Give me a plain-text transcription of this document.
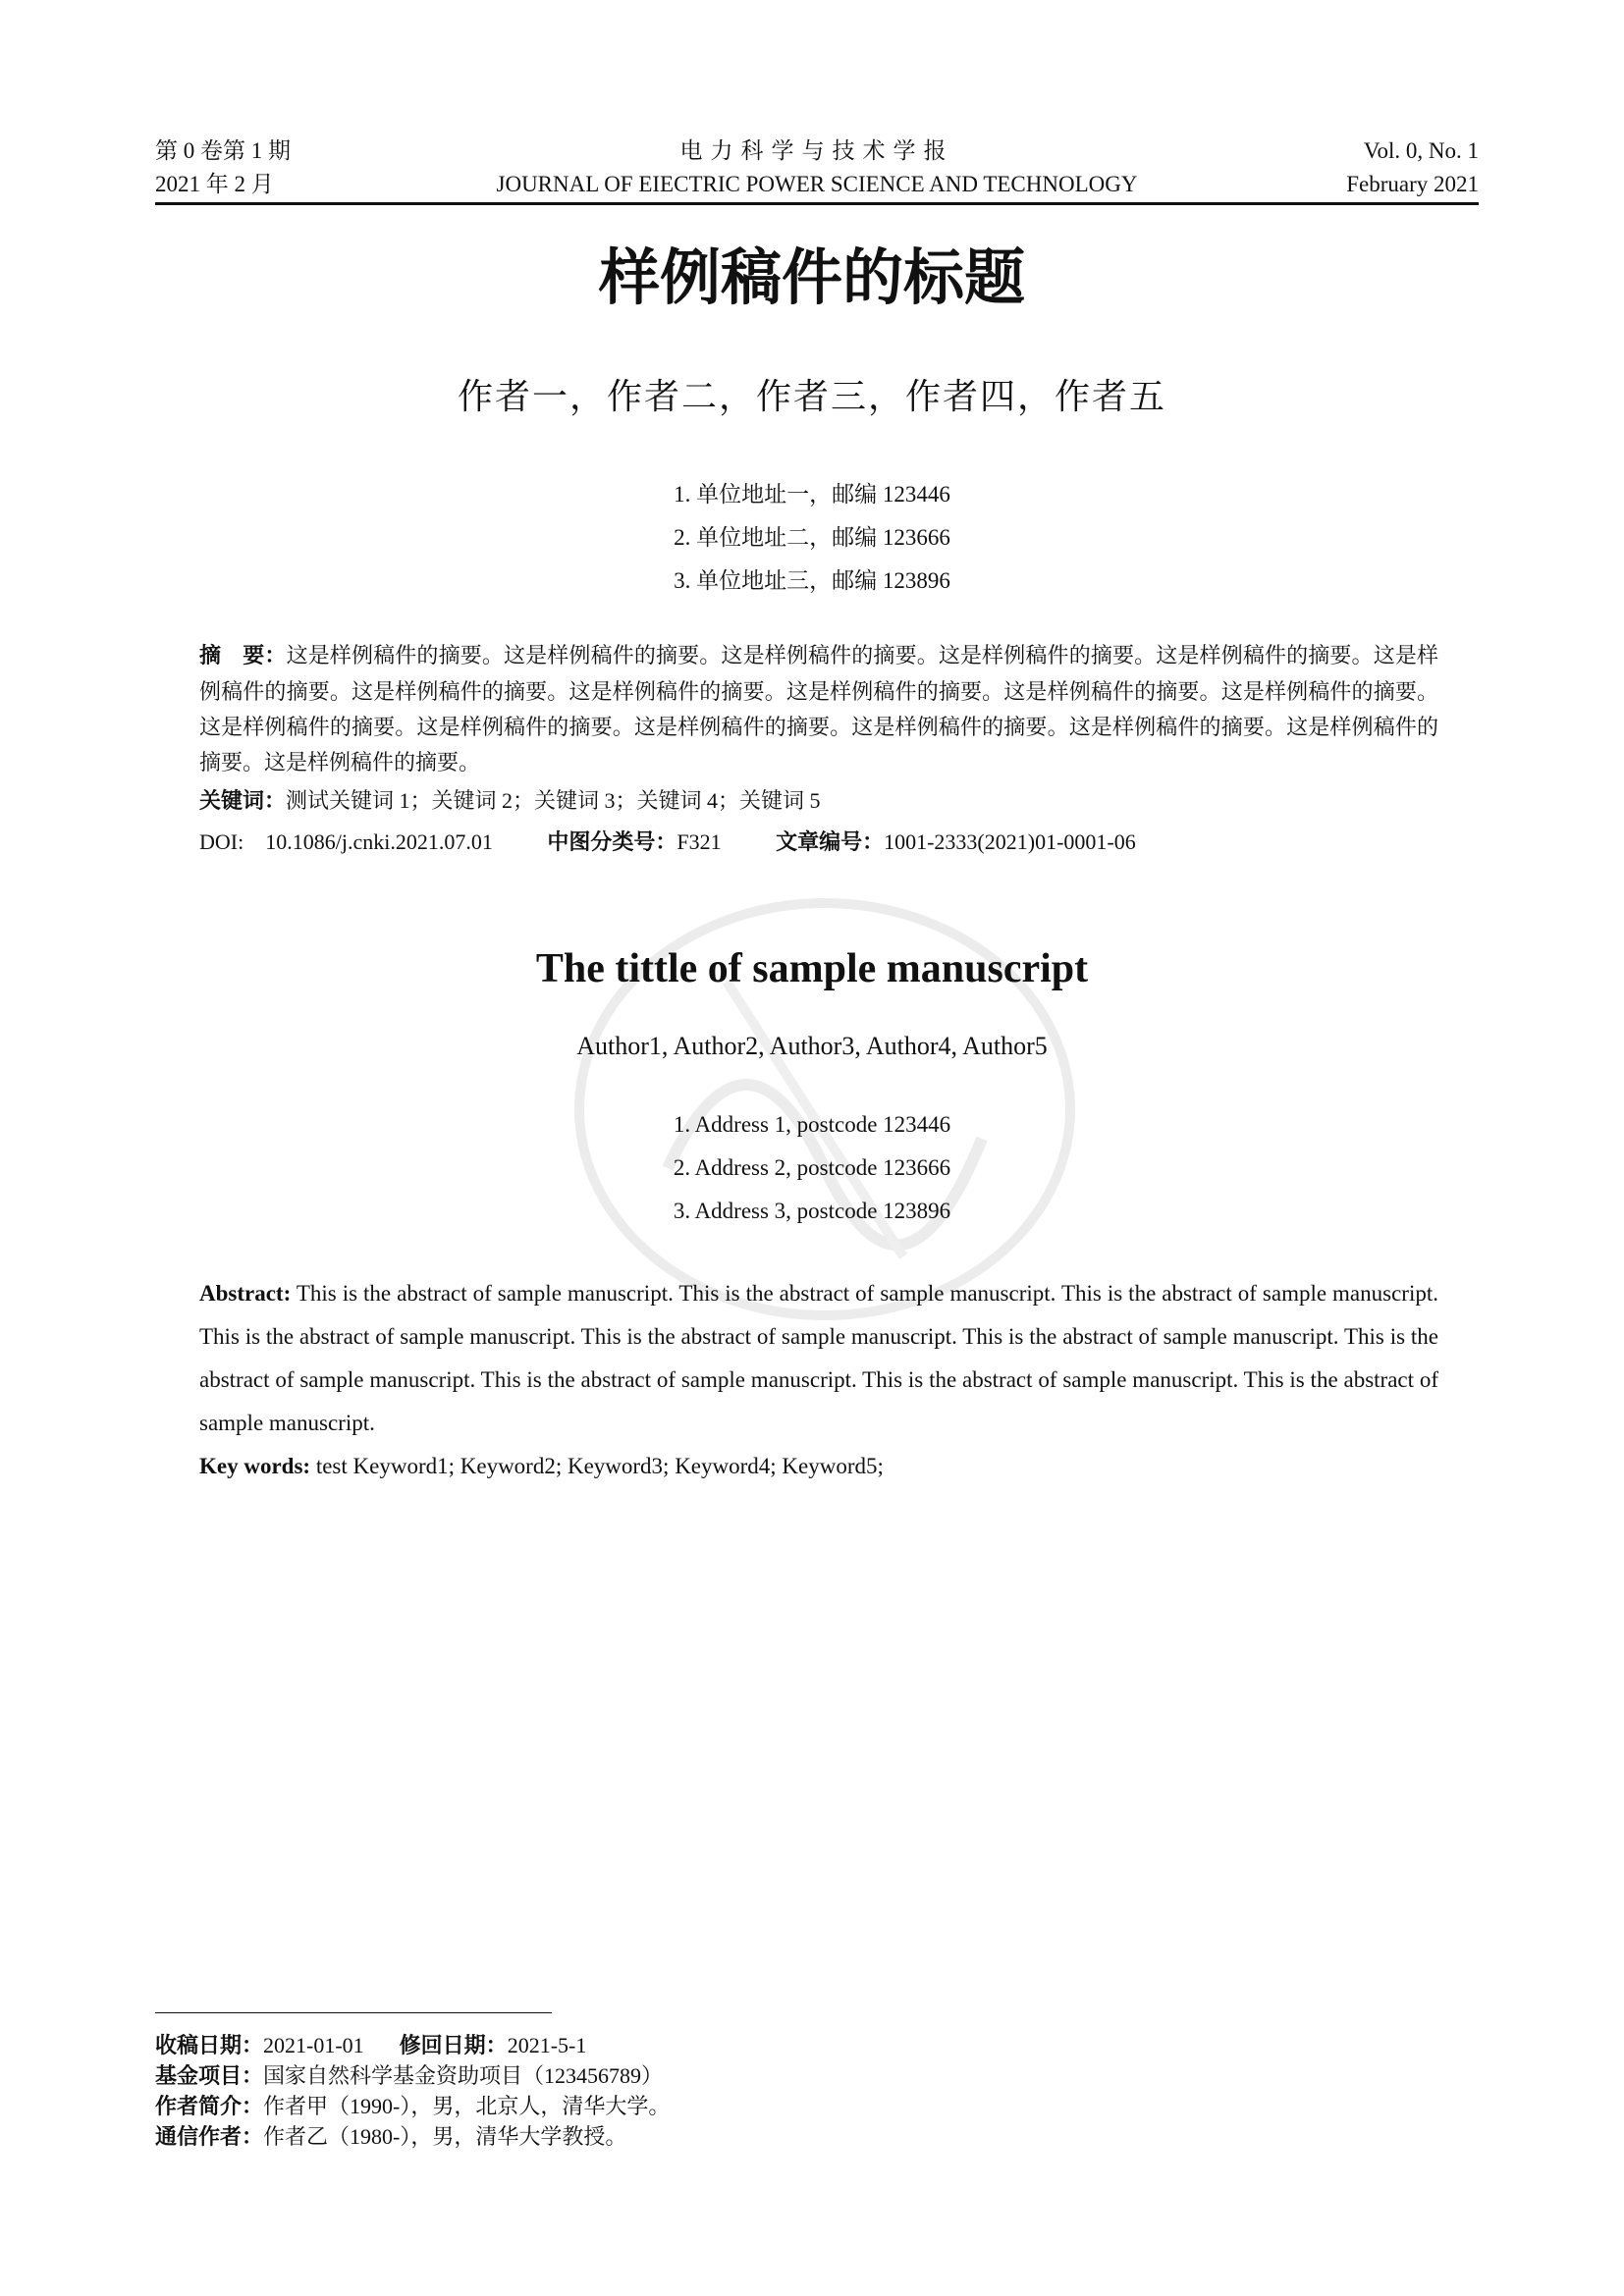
第 0 卷第 1 期
2021 年 2 月
电力科学与技术学报
JOURNAL OF EIECTRIC POWER SCIENCE AND TECHNOLOGY
Vol. 0, No. 1
February 2021
样例稿件的标题
作者一，作者二，作者三，作者四，作者五
1. 单位地址一，邮编 123446
2. 单位地址二，邮编 123666
3. 单位地址三，邮编 123896
摘　要：这是样例稿件的摘要。这是样例稿件的摘要。这是样例稿件的摘要。这是样例稿件的摘要。这是样例稿件的摘要。这是样例稿件的摘要。这是样例稿件的摘要。这是样例稿件的摘要。这是样例稿件的摘要。这是样例稿件的摘要。这是样例稿件的摘要。这是样例稿件的摘要。这是样例稿件的摘要。这是样例稿件的摘要。这是样例稿件的摘要。这是样例稿件的摘要。这是样例稿件的摘要。这是样例稿件的摘要。
关键词：测试关键词 1；关键词 2；关键词 3；关键词 4；关键词 5
DOI: 10.1086/j.cnki.2021.07.01	中图分类号：F321	文章编号：1001-2333(2021)01-0001-06
The tittle of sample manuscript
Author1, Author2, Author3, Author4, Author5
1. Address 1, postcode 123446
2. Address 2, postcode 123666
3. Address 3, postcode 123896
Abstract: This is the abstract of sample manuscript. This is the abstract of sample manuscript. This is the abstract of sample manuscript. This is the abstract of sample manuscript. This is the abstract of sample manuscript. This is the abstract of sample manuscript. This is the abstract of sample manuscript. This is the abstract of sample manuscript. This is the abstract of sample manuscript. This is the abstract of sample manuscript.
Key words: test Keyword1; Keyword2; Keyword3; Keyword4; Keyword5;
收稿日期：2021-01-01 修回日期：2021-5-1
基金项目：国家自然科学基金资助项目（123456789）
作者简介：作者甲（1990-），男，北京人，清华大学。
通信作者：作者乙（1980-），男，清华大学教授。
